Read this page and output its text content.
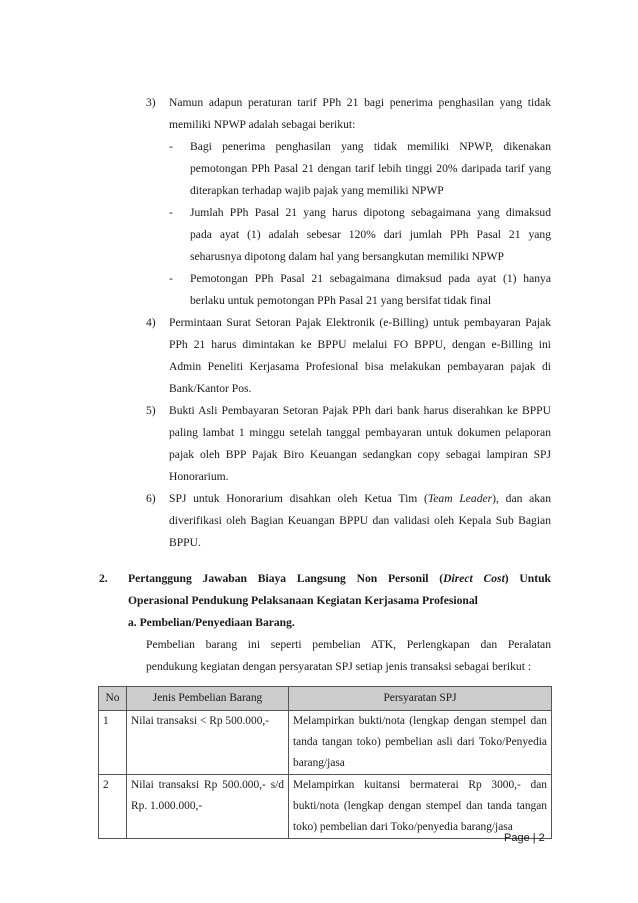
3) Namun adapun peraturan tarif PPh 21 bagi penerima penghasilan yang tidak
memiliki NPWP adalah sebagai berikut:
- Bagi penerima penghasilan yang tidak memiliki NPWP, dikenakan
pemotongan PPh Pasal 21 dengan tarif lebih tinggi 20% daripada tarif yang
diterapkan terhadap wajib pajak yang memiliki NPWP
- Jumlah PPh Pasal 21 yang harus dipotong sebagaimana yang dimaksud
pada ayat (1) adalah sebesar 120% dari jumlah PPh Pasal 21 yang
seharusnya dipotong dalam hal yang bersangkutan memiliki NPWP
- Pemotongan PPh Pasal 21 sebagaimana dimaksud pada ayat (1) hanya
berlaku untuk pemotongan PPh Pasal 21 yang bersifat tidak final
4) Permintaan Surat Setoran Pajak Elektronik (e-Billing) untuk pembayaran Pajak
PPh 21 harus dimintakan ke BPPU melalui FO BPPU, dengan e-Billing ini
Admin Peneliti Kerjasama Profesional bisa melakukan pembayaran pajak di
Bank/Kantor Pos.
5) Bukti Asli Pembayaran Setoran Pajak PPh dari bank harus diserahkan ke BPPU
paling lambat 1 minggu setelah tanggal pembayaran untuk dokumen pelaporan
pajak oleh BPP Pajak Biro Keuangan sedangkan copy sebagai lampiran SPJ
Honorarium.
6) SPJ untuk Honorarium disahkan oleh Ketua Tim (Team Leader), dan akan
diverifikasi oleh Bagian Keuangan BPPU dan validasi oleh Kepala Sub Bagian
BPPU.
2. Pertanggung Jawaban Biaya Langsung Non Personil (Direct Cost) Untuk
Operasional Pendukung Pelaksanaan Kegiatan Kerjasama Profesional
a. Pembelian/Penyediaan Barang.
Pembelian barang ini seperti pembelian ATK, Perlengkapan dan Peralatan
pendukung kegiatan dengan persyaratan SPJ setiap jenis transaksi sebagai berikut :
No	Jenis Pembelian Barang	Persyaratan SPJ
1	Nilai transaksi < Rp 500.000,-	Melampirkan bukti/nota (lengkap dengan stempel dan tanda tangan toko) pembelian asli dari Toko/Penyedia barang/jasa

2	Nilai transaksi Rp 500.000,- s/d Rp. 1.000.000,-	Melampirkan kuitansi bermaterai Rp 3000,- dan bukti/nota (lengkap dengan stempel dan tanda tangan toko) pembelian dari Toko/penyedia barang/jasa
Page | 2
